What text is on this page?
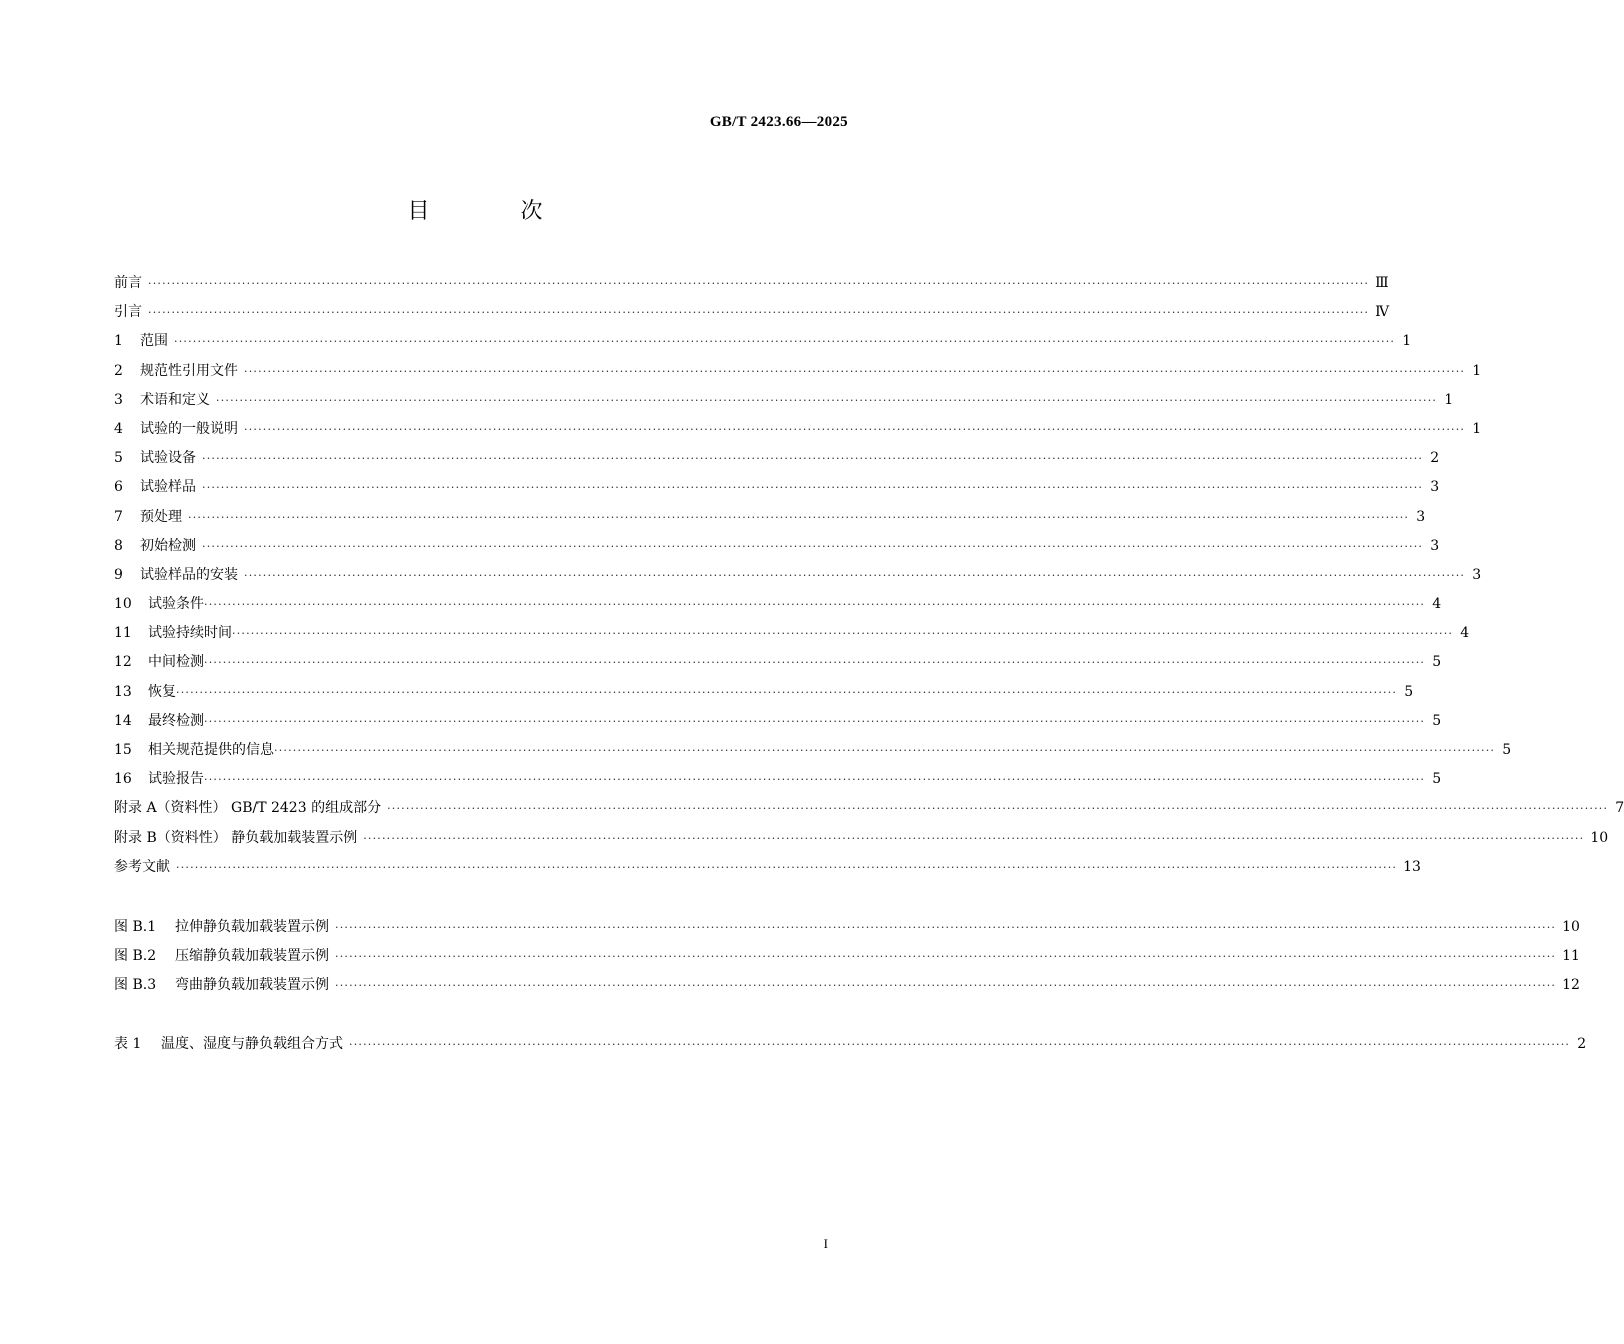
GB/T 2423.66—2025
目 次
前言 ···································································································································································································································································· Ⅲ
引言 ···································································································································································································································································· Ⅳ
1	范围 ···································································································································································································································································· 1
2	规范性引用文件 ···································································································································································································································································· 1
3	术语和定义 ···································································································································································································································································· 1
4	试验的一般说明 ···································································································································································································································································· 1
5	试验设备 ···································································································································································································································································· 2
6	试验样品 ···································································································································································································································································· 3
7	预处理 ···································································································································································································································································· 3
8	初始检测 ···································································································································································································································································· 3
9	试验样品的安装 ···································································································································································································································································· 3
10	试验条件 ···································································································································································································································································· 4
11	试验持续时间 ···································································································································································································································································· 4
12	中间检测 ···································································································································································································································································· 5
13	恢复 ···································································································································································································································································· 5
14	最终检测 ···································································································································································································································································· 5
15	相关规范提供的信息 ···································································································································································································································································· 5
16	试验报告 ···································································································································································································································································· 5
附录 A（资料性） GB/T 2423 的组成部分 ···································································································································································································································································· 7
附录 B（资料性） 静负载加载装置示例 ···································································································································································································································································· 10
参考文献 ···································································································································································································································································· 13
图 B.1	拉伸静负载加载装置示例 ···································································································································································································································································· 10
图 B.2	压缩静负载加载装置示例 ···································································································································································································································································· 11
图 B.3	弯曲静负载加载装置示例 ···································································································································································································································································· 12
表 1	温度、湿度与静负载组合方式 ···································································································································································································································································· 2
I
